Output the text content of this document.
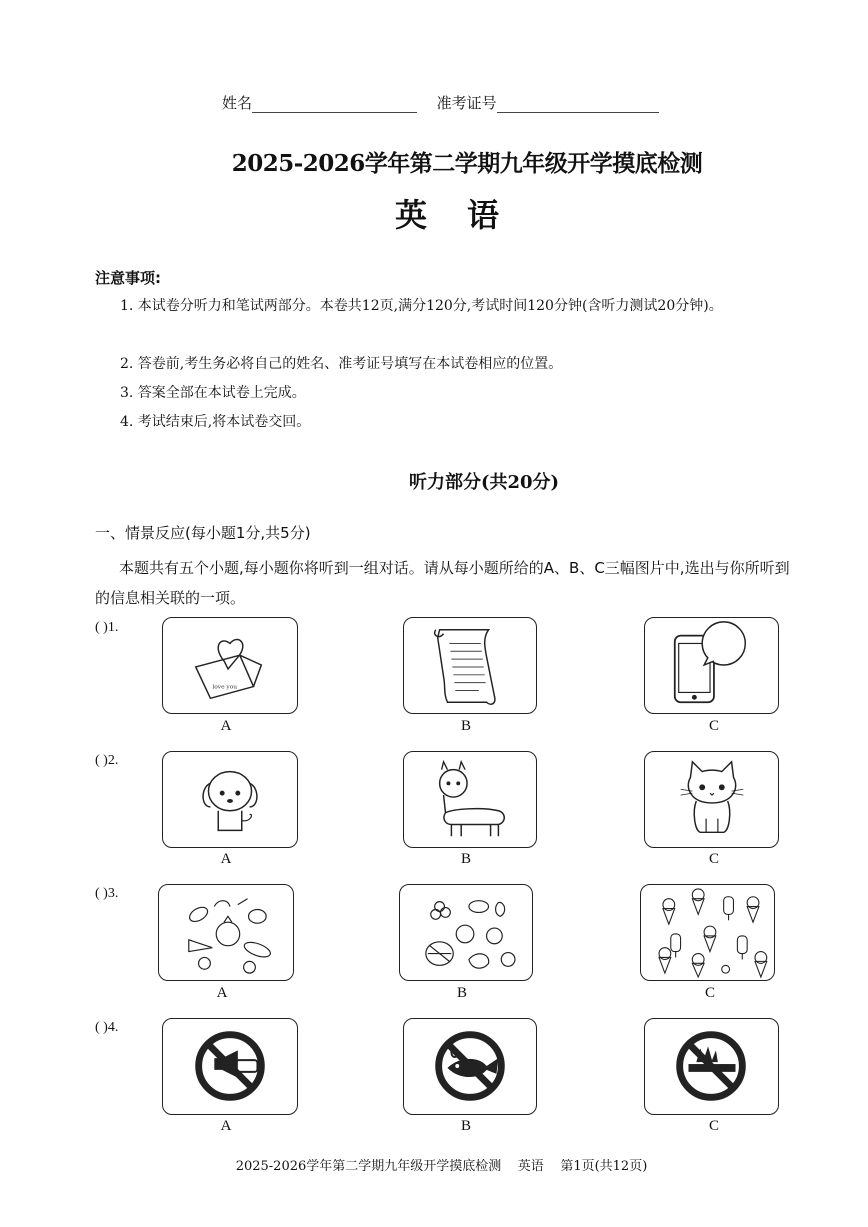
姓名	准考证号
2025-2026学年第二学期九年级开学摸底检测
英语
注意事项:
1. 本试卷分听力和笔试两部分。本卷共12页,满分120分,考试时间120分钟(含听力测试20分钟)。
2. 答卷前,考生务必将自己的姓名、准考证号填写在本试卷相应的位置。
3. 答案全部在本试卷上完成。
4. 考试结束后,将本试卷交回。
听力部分(共20分)
一、情景反应(每小题1分,共5分)
本题共有五个小题,每小题你将听到一组对话。请从每小题所给的A、B、C三幅图片中,选出与你所听到的信息相关联的一项。
( )1.
love you
A	B	C
( )2.
A	B	C
( )3.
A	B	C
( )4.
A	B	C
2025-2026学年第二学期九年级开学摸底检测    英语    第1页(共12页)
